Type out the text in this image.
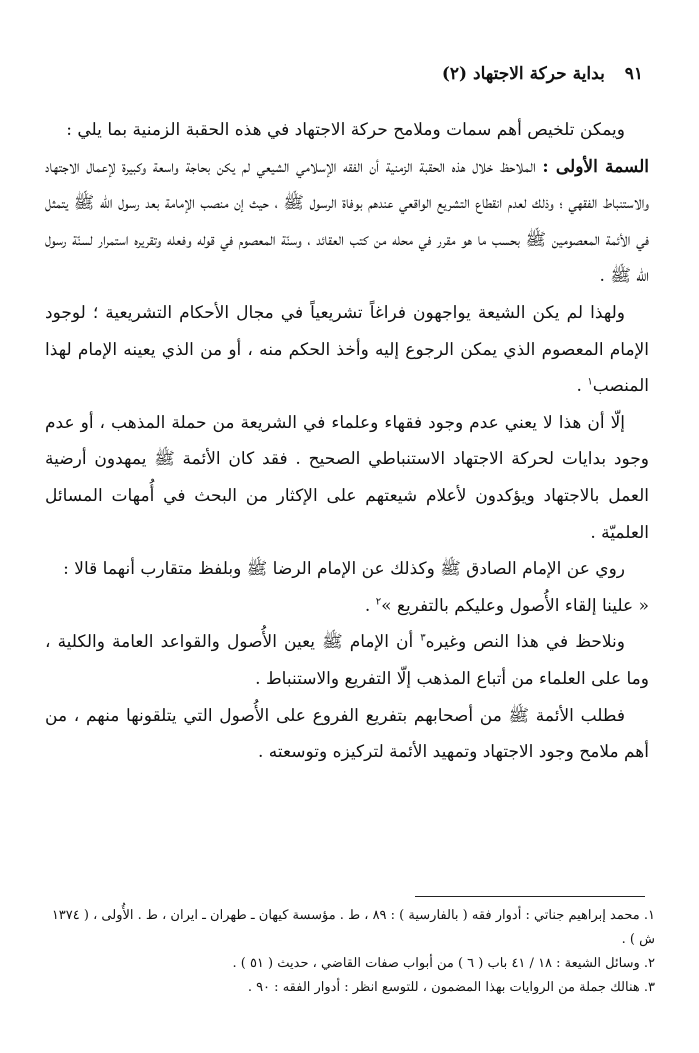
٩١ بداية حركة الاجتهاد (٢)

ويمكن تلخيص أهم سمات وملامح حركة الاجتهاد في هذه الحقبة الزمنية بما يلي :

السمة الأولى : الملاحظ خلال هذه الحقبة الزمنية أن الفقه الإسلامي الشيعي لم يكن بحاجة واسعة وكبيرة لإعمال الاجتهاد والاستنباط الفقهي ؛ وذلك لعدم انقطاع التشريع الواقعي عندهم بوفاة الرسول ﷺ ، حيث إن منصب الإمامة بعد رسول الله ﷺ يتمثل في الأئمة المعصومين ﷺ بحسب ما هو مقرر في محله من كتب العقائد ، وسنّة المعصوم في قوله وفعله وتقريره استمرار لسنّة رسول الله ﷺ .

ولهذا لم يكن الشيعة يواجهون فراغاً تشريعياً في مجال الأحكام التشريعية ؛ لوجود الإمام المعصوم الذي يمكن الرجوع إليه وأخذ الحكم منه ، أو من الذي يعينه الإمام لهذا المنصب$^١$ .

إلّا أن هذا لا يعني عدم وجود فقهاء وعلماء في الشريعة من حملة المذهب ، أو عدم وجود بدايات لحركة الاجتهاد الاستنباطي الصحيح . فقد كان الأئمة ﷺ يمهدون أرضية العمل بالاجتهاد ويؤكدون لأعلام شيعتهم على الإكثار من البحث في أُمهات المسائل العلميّة .

روي عن الإمام الصادق ﷺ وكذلك عن الإمام الرضا ﷺ وبلفظ متقارب أنهما قالا :

« علينا إلقاء الأُصول وعليكم بالتفريع »$^٢$ .

ونلاحظ في هذا النص وغيره$^٣$ أن الإمام ﷺ يعين الأُصول والقواعد العامة والكلية ، وما على العلماء من أتباع المذهب إلّا التفريع والاستنباط .

فطلب الأئمة ﷺ من أصحابهم بتفريع الفروع على الأُصول التي يتلقونها منهم ، من أهم ملامح وجود الاجتهاد وتمهيد الأئمة لتركيزه وتوسعته .

١. محمد إبراهيم جناتي : أدوار فقه ( بالفارسية ) : ٨٩ ، ط . مؤسسة كيهان ـ طهران ـ ايران ، ط . الأُولى ، ( ١٣٧٤ ش ) .

٢. وسائل الشيعة : ١٨ / ٤١ باب ( ٦ ) من أبواب صفات القاضي ، حديث ( ٥١ ) .

٣. هنالك جملة من الروايات بهذا المضمون ، للتوسع انظر : أدوار الفقه : ٩٠ .
